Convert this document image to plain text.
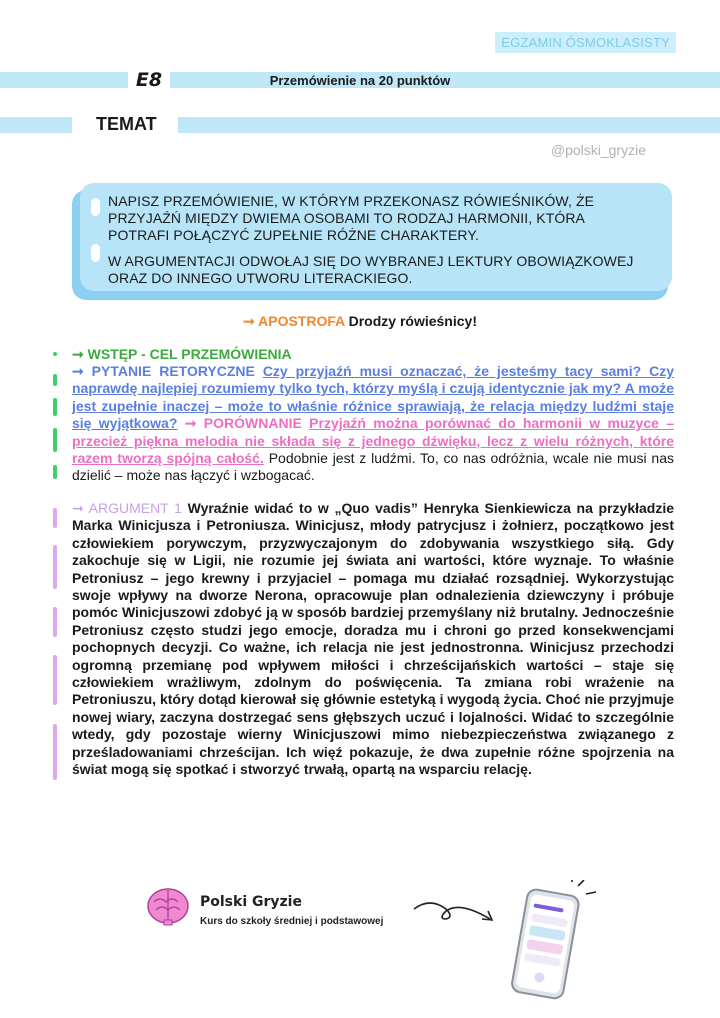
EGZAMIN ÓSMOKLASISTY
Przemówienie na 20 punktów
E8
TEMAT
@polski_gryzie
NAPISZ PRZEMÓWIENIE, W KTÓRYM PRZEKONASZ RÓWIEŚNIKÓW, ŻE PRZYJAŹŃ MIĘDZY DWIEMA OSOBAMI TO RODZAJ HARMONII, KTÓRA POTRAFI POŁĄCZYĆ ZUPEŁNIE RÓŻNE CHARAKTERY.
W ARGUMENTACJI ODWOŁAJ SIĘ DO WYBRANEJ LEKTURY OBOWIĄZKOWEJ ORAZ DO INNEGO UTWORU LITERACKIEGO.
➞ APOSTROFA Drodzy rówieśnicy!
➞ WSTĘP - CEL PRZEMÓWIENIA
➞ PYTANIE RETORYCZNE Czy przyjaźń musi oznaczać, że jesteśmy tacy sami? Czy naprawdę najlepiej rozumiemy tylko tych, którzy myślą i czują identycznie jak my? A może jest zupełnie inaczej – może to właśnie różnice sprawiają, że relacja między ludźmi staje się wyjątkowa? ➞ PORÓWNANIE Przyjaźń można porównać do harmonii w muzyce – przecież piękna melodia nie składa się z jednego dźwięku, lecz z wielu różnych, które razem tworzą spójną całość. Podobnie jest z ludźmi. To, co nas odróżnia, wcale nie musi nas dzielić – może nas łączyć i wzbogacać.
➞ ARGUMENT 1 Wyraźnie widać to w „Quo vadis” Henryka Sienkiewicza na przykładzie Marka Winicjusza i Petroniusza. Winicjusz, młody patrycjusz i żołnierz, początkowo jest człowiekiem porywczym, przyzwyczajonym do zdobywania wszystkiego siłą. Gdy zakochuje się w Ligii, nie rozumie jej świata ani wartości, które wyznaje. To właśnie Petroniusz – jego krewny i przyjaciel – pomaga mu działać rozsądniej. Wykorzystując swoje wpływy na dworze Nerona, opracowuje plan odnalezienia dziewczyny i próbuje pomóc Winicjuszowi zdobyć ją w sposób bardziej przemyślany niż brutalny. Jednocześnie Petroniusz często studzi jego emocje, doradza mu i chroni go przed konsekwencjami pochopnych decyzji. Co ważne, ich relacja nie jest jednostronna. Winicjusz przechodzi ogromną przemianę pod wpływem miłości i chrześcijańskich wartości – staje się człowiekiem wrażliwym, zdolnym do poświęcenia. Ta zmiana robi wrażenie na Petroniuszu, który dotąd kierował się głównie estetyką i wygodą życia. Choć nie przyjmuje nowej wiary, zaczyna dostrzegać sens głębszych uczuć i lojalności. Widać to szczególnie wtedy, gdy pozostaje wierny Winicjuszowi mimo niebezpieczeństwa związanego z prześladowaniami chrześcijan. Ich więź pokazuje, że dwa zupełnie różne spojrzenia na świat mogą się spotkać i stworzyć trwałą, opartą na wsparciu relację.
Polski Gryzie
Kurs do szkoły średniej i podstawowej
